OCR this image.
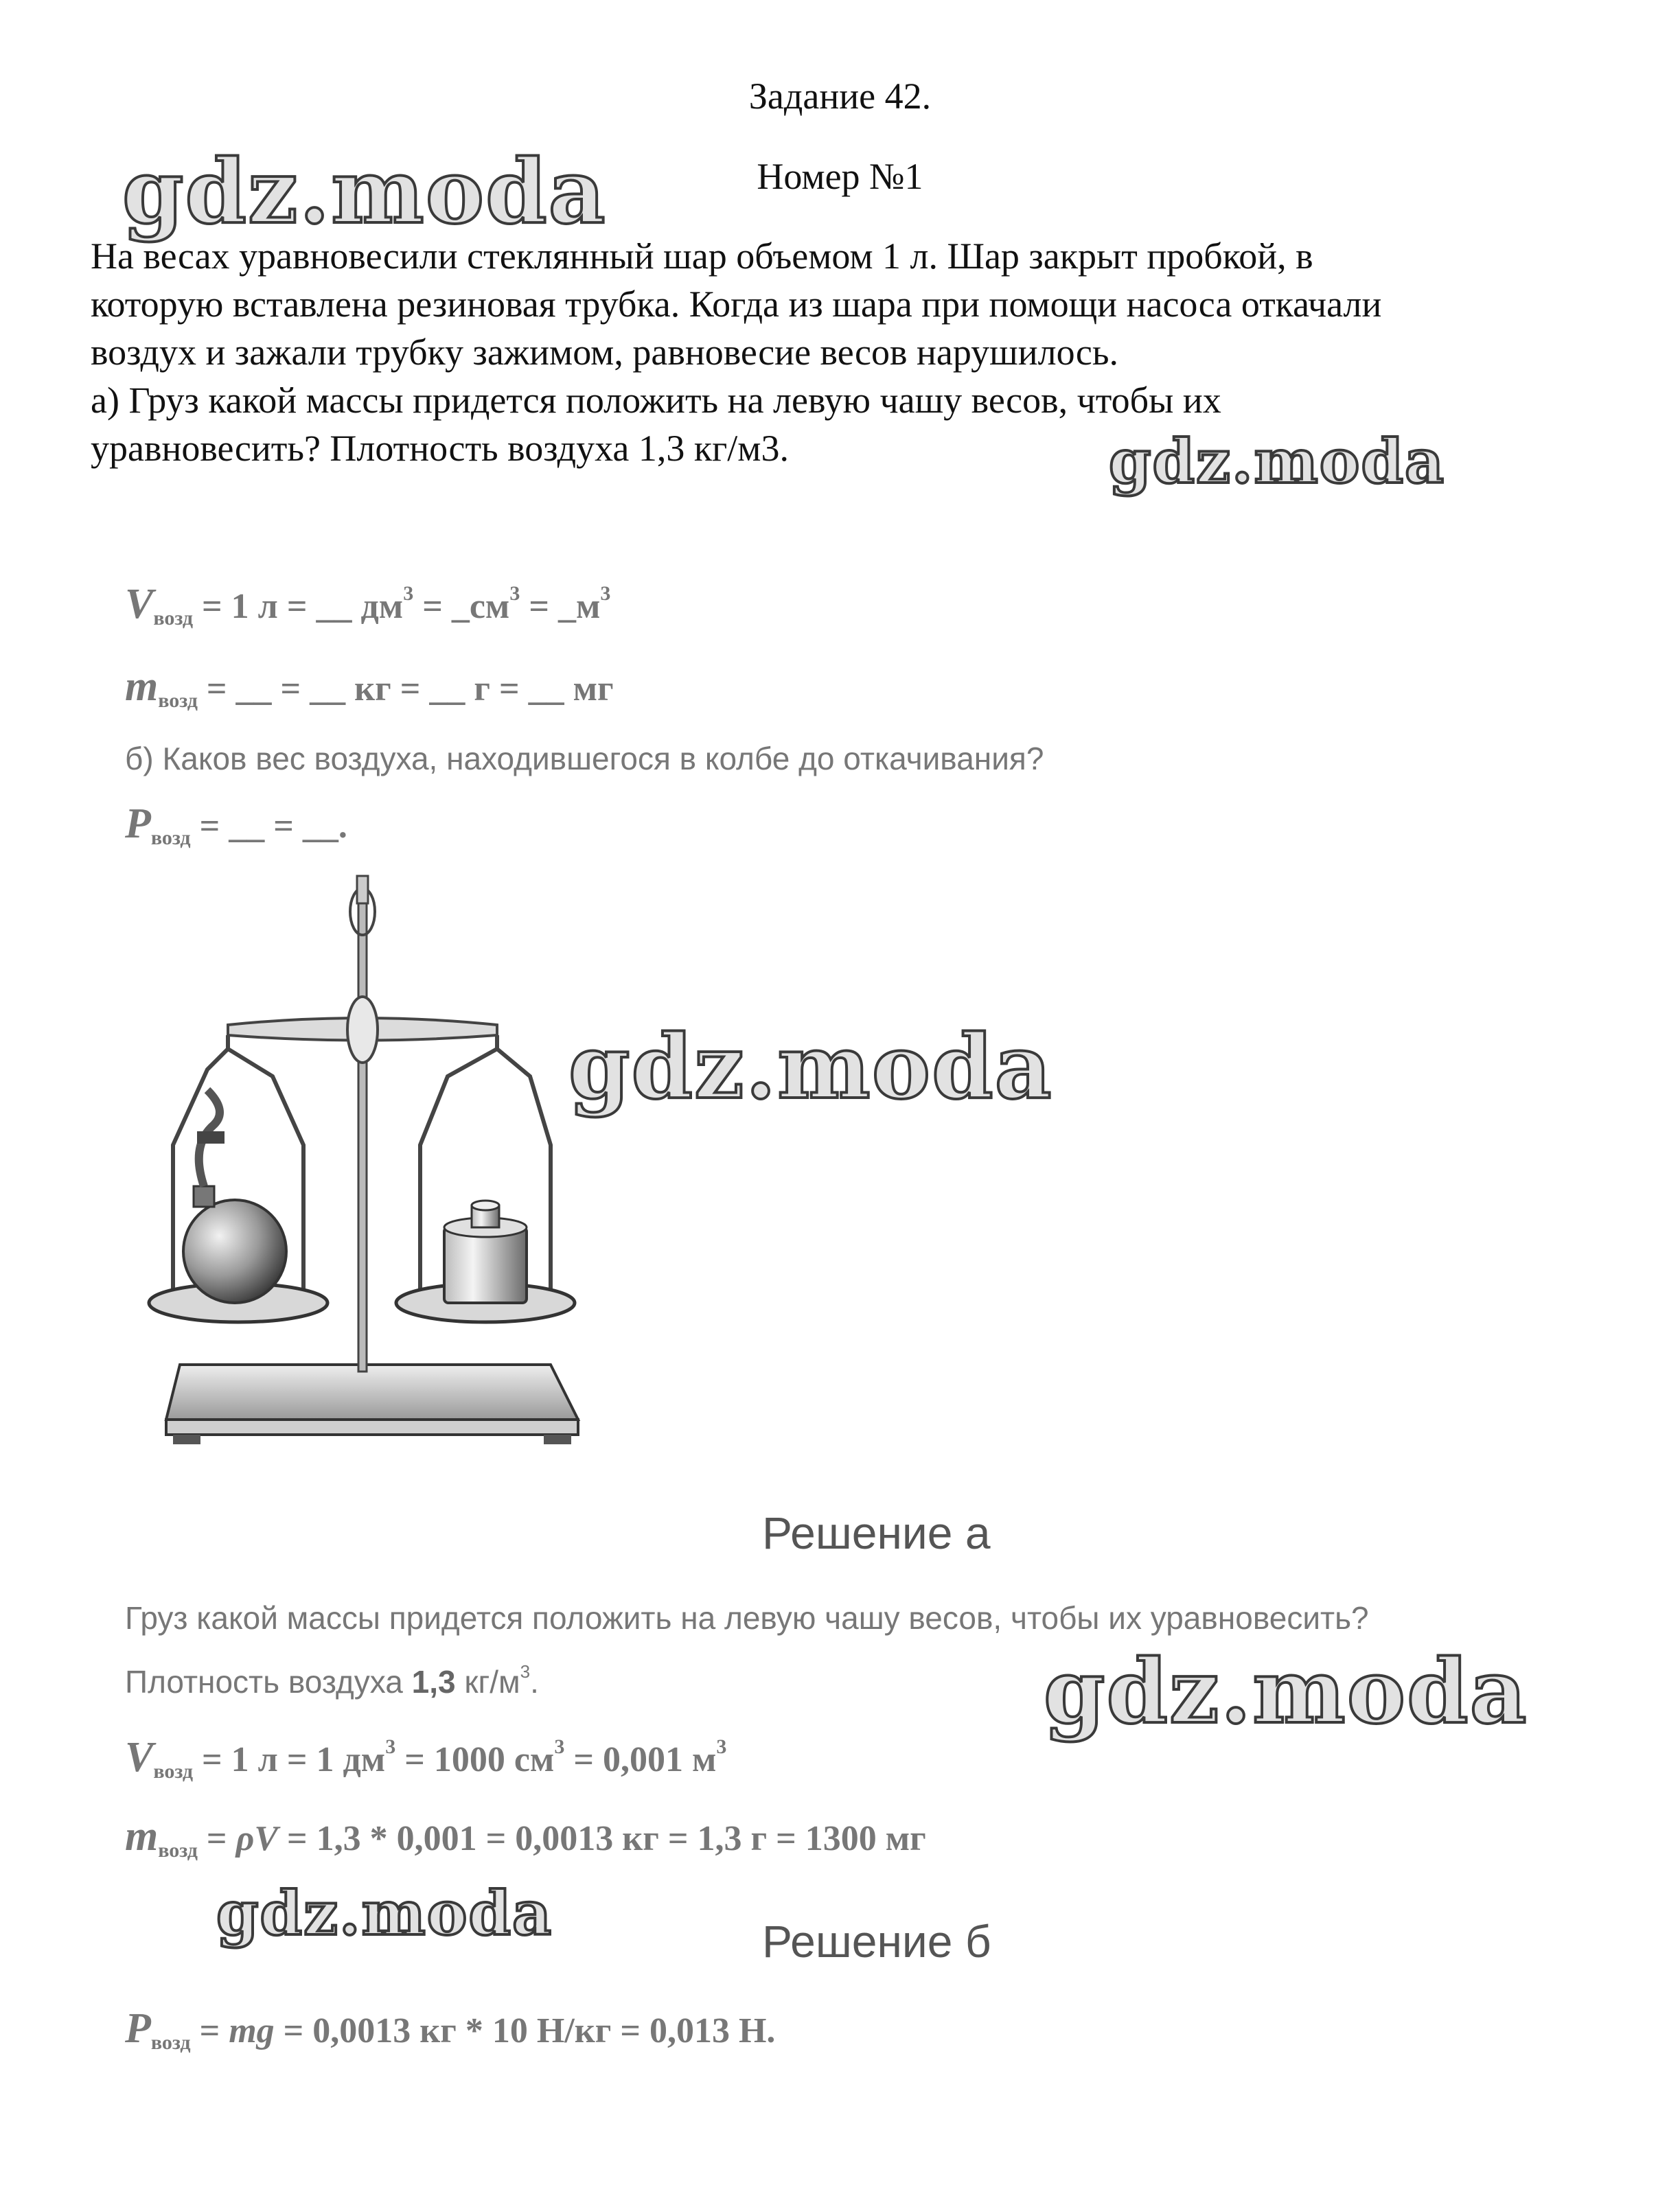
Задание 42.
Номер №1
На весах уравновесили стеклянный шар объемом 1 л. Шар закрыт пробкой, в
которую вставлена резиновая трубка. Когда из шара при помощи насоса откачали
воздух и зажали трубку зажимом, равновесие весов нарушилось.
а) Груз какой массы придется положить на левую чашу весов, чтобы их
уравновесить? Плотность воздуха 1,3 кг/м3.
$V_{возд} = 1$ л = __ $дм^3$ = $\_см^3$ = $\_м^3$
$m_{возд}$ = __ = __ кг = __ г = __ мг
б) Каков вес воздуха, находившегося в колбе до откачивания?
$P_{возд}$ = __ = __.
Решение а
Груз какой массы придется положить на левую чашу весов, чтобы их уравновесить?
Плотность воздуха 1,3 $кг/м^3$.
$V_{возд} = 1$ л = 1 $дм^3 = 1000$ $см^3 = 0,001$ $м^3$
$m_{возд} = \rho V = 1,3 * 0,001 = 0,0013$ кг = 1,3 г = 1300 мг
Решение б
$P_{возд}$ = mg = 0,0013 кг * 10 Н/кг = 0,013 Н.
gdz.moda
gdz.moda
gdz.moda
gdz.moda
gdz.moda
